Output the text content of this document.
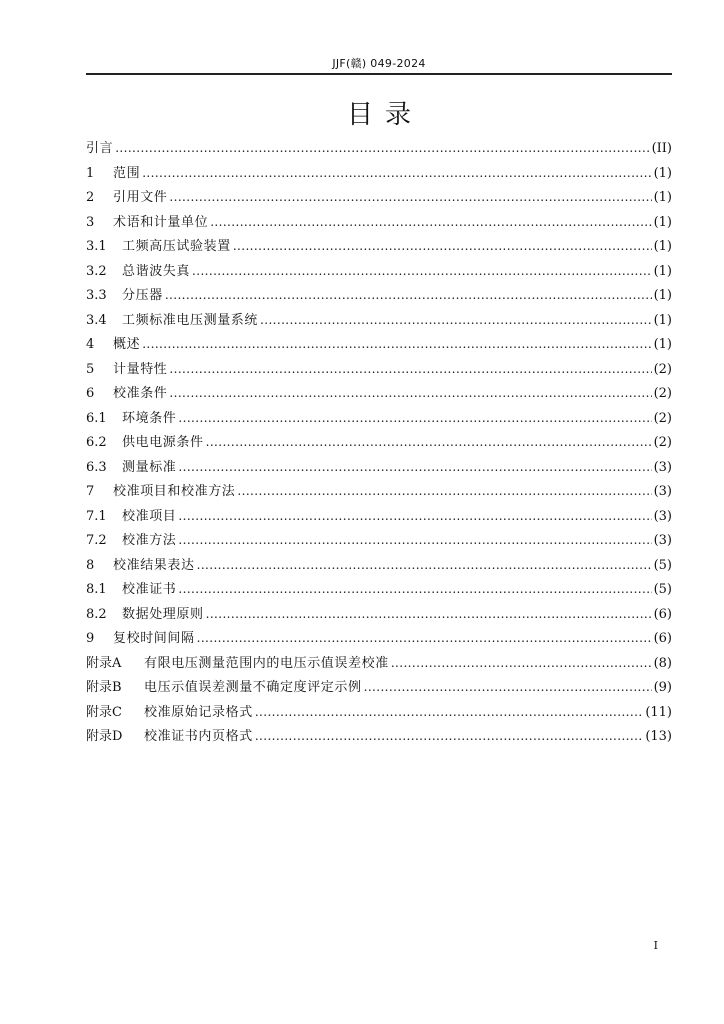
JJF(赣) 049-2024
目录
引言 .....	(II)
1	范围 .....	(1)
2	引用文件 .....	(1)
3	术语和计量单位 .....	(1)
3.1	工频高压试验装置 .....	(1)
3.2	总谐波失真 .....	(1)
3.3	分压器 .....	(1)
3.4	工频标准电压测量系统 .....	(1)
4	概述 .....	(1)
5	计量特性 .....	(2)
6	校准条件 .....	(2)
6.1	环境条件 .....	(2)
6.2	供电电源条件 .....	(2)
6.3	测量标准 .....	(3)
7	校准项目和校准方法 .....	(3)
7.1	校准项目 .....	(3)
7.2	校准方法 .....	(3)
8	校准结果表达 .....	(5)
8.1	校准证书 .....	(5)
8.2	数据处理原则 .....	(6)
9	复校时间间隔 .....	(6)
附录A	有限电压测量范围内的电压示值误差校准 .....	(8)
附录B	电压示值误差测量不确定度评定示例 .....	(9)
附录C	校准原始记录格式 .....	(11)
附录D	校准证书内页格式 .....	(13)
I
